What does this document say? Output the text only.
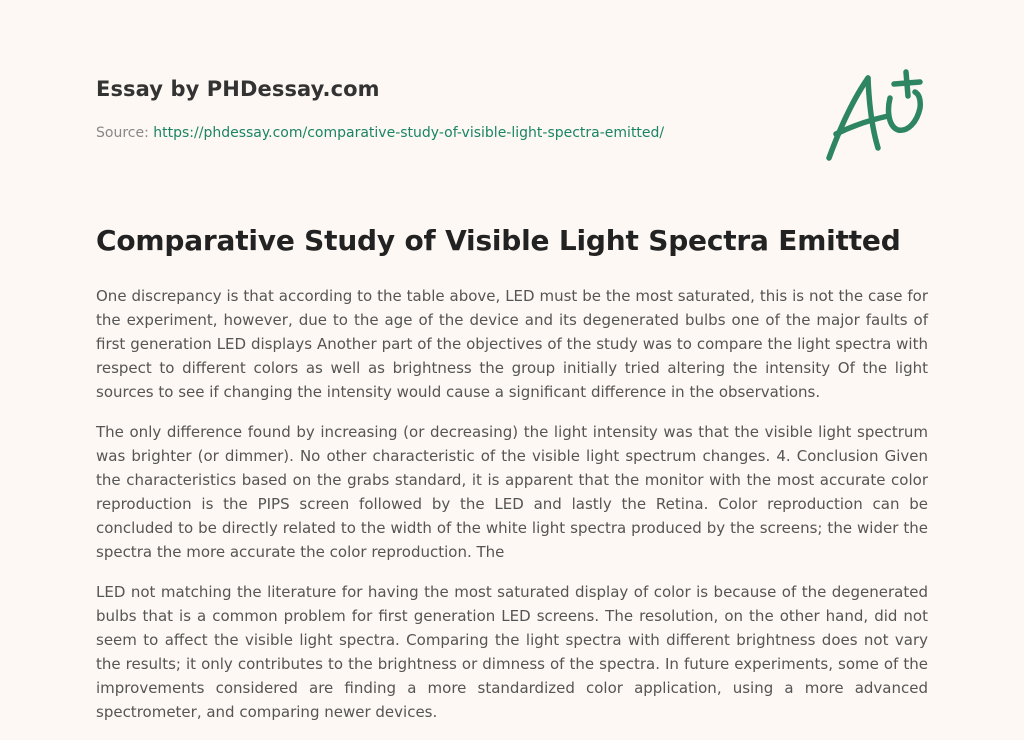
Essay by PHDessay.com
Source: https://phdessay.com/comparative-study-of-visible-light-spectra-emitted/
Comparative Study of Visible Light Spectra Emitted

One discrepancy is that according to the table above, LED must be the most saturated, this is not the case for the experiment, however, due to the age of the device and its degenerated bulbs one of the major faults of first generation LED displays Another part of the objectives of the study was to compare the light spectra with respect to different colors as well as brightness the group initially tried altering the intensity Of the light sources to see if changing the intensity would cause a significant difference in the observations.

The only difference found by increasing (or decreasing) the light intensity was that the visible light spectrum was brighter (or dimmer). No other characteristic of the visible light spectrum changes. 4. Conclusion Given the characteristics based on the grabs standard, it is apparent that the monitor with the most accurate color reproduction is the PIPS screen followed by the LED and lastly the Retina. Color reproduction can be concluded to be directly related to the width of the white light spectra produced by the screens; the wider the spectra the more accurate the color reproduction. The

LED not matching the literature for having the most saturated display of color is because of the degenerated bulbs that is a common problem for first generation LED screens. The resolution, on the other hand, did not seem to affect the visible light spectra. Comparing the light spectra with different brightness does not vary the results; it only contributes to the brightness or dimness of the spectra. In future experiments, some of the improvements considered are finding a more standardized color application, using a more advanced spectrometer, and comparing newer devices.
